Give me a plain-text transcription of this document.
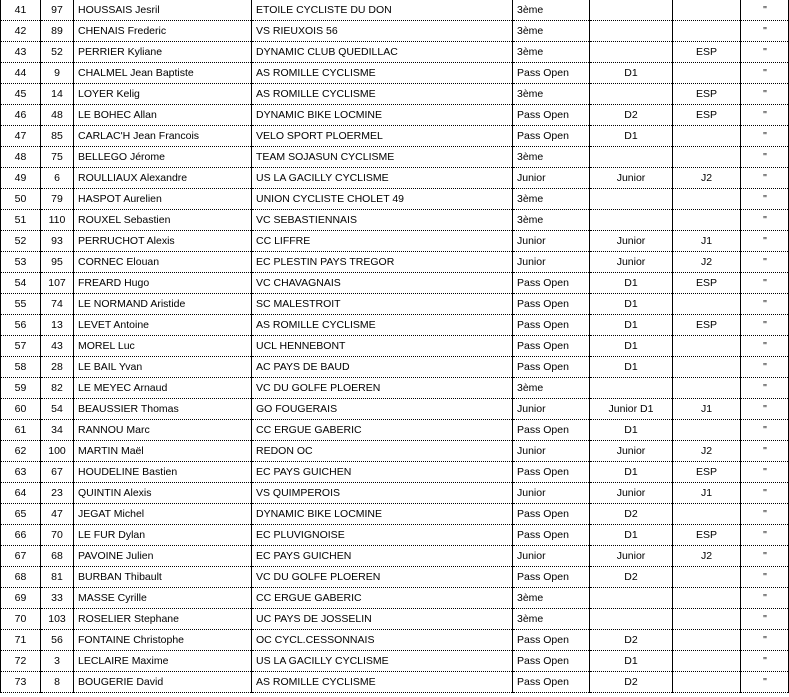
41	97	HOUSSAIS Jesril	ETOILE CYCLISTE DU DON	3ème			"
42	89	CHENAIS Frederic	VS RIEUXOIS 56	3ème			"
43	52	PERRIER Kyliane	DYNAMIC CLUB QUEDILLAC	3ème		ESP	"
44	9	CHALMEL Jean Baptiste	AS ROMILLE CYCLISME	Pass Open	D1		"
45	14	LOYER Kelig	AS ROMILLE CYCLISME	3ème		ESP	"
46	48	LE BOHEC Allan	DYNAMIC BIKE LOCMINE	Pass Open	D2	ESP	"
47	85	CARLAC'H Jean Francois	VELO SPORT PLOERMEL	Pass Open	D1		"
48	75	BELLEGO Jérome	TEAM SOJASUN CYCLISME	3ème			"
49	6	ROULLIAUX Alexandre	US LA GACILLY CYCLISME	Junior	Junior	J2	"
50	79	HASPOT Aurelien	UNION CYCLISTE CHOLET 49	3ème			"
51	110	ROUXEL Sebastien	VC SEBASTIENNAIS	3ème			"
52	93	PERRUCHOT Alexis	CC LIFFRE	Junior	Junior	J1	"
53	95	CORNEC Elouan	EC PLESTIN PAYS TREGOR	Junior	Junior	J2	"
54	107	FREARD Hugo	VC CHAVAGNAIS	Pass Open	D1	ESP	"
55	74	LE NORMAND Aristide	SC MALESTROIT	Pass Open	D1		"
56	13	LEVET Antoine	AS ROMILLE CYCLISME	Pass Open	D1	ESP	"
57	43	MOREL Luc	UCL HENNEBONT	Pass Open	D1		"
58	28	LE BAIL Yvan	AC PAYS DE BAUD	Pass Open	D1		"
59	82	LE MEYEC Arnaud	VC DU GOLFE PLOEREN	3ème			"
60	54	BEAUSSIER Thomas	GO FOUGERAIS	Junior	Junior D1	J1	"
61	34	RANNOU Marc	CC ERGUE GABERIC	Pass Open	D1		"
62	100	MARTIN Maël	REDON OC	Junior	Junior	J2	"
63	67	HOUDELINE Bastien	EC PAYS GUICHEN	Pass Open	D1	ESP	"
64	23	QUINTIN Alexis	VS QUIMPEROIS	Junior	Junior	J1	"
65	47	JEGAT Michel	DYNAMIC BIKE LOCMINE	Pass Open	D2		"
66	70	LE FUR Dylan	EC PLUVIGNOISE	Pass Open	D1	ESP	"
67	68	PAVOINE Julien	EC PAYS GUICHEN	Junior	Junior	J2	"
68	81	BURBAN Thibault	VC DU GOLFE PLOEREN	Pass Open	D2		"
69	33	MASSE Cyrille	CC ERGUE GABERIC	3ème			"
70	103	ROSELIER Stephane	UC PAYS DE JOSSELIN	3ème			"
71	56	FONTAINE Christophe	OC CYCL.CESSONNAIS	Pass Open	D2		"
72	3	LECLAIRE Maxime	US LA GACILLY CYCLISME	Pass Open	D1		"
73	8	BOUGERIE David	AS ROMILLE CYCLISME	Pass Open	D2		"
